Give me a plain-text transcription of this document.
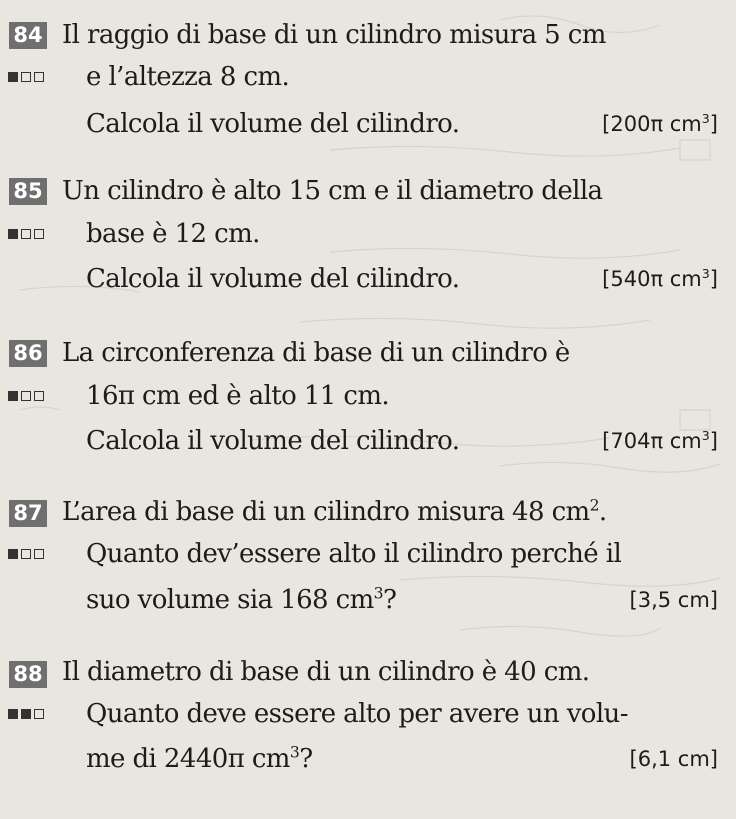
84 Il raggio di base di un cilindro misura 5 cm
e l’altezza 8 cm.
Calcola il volume del cilindro.	[200π $cm^3$]
85 Un cilindro è alto 15 cm e il diametro della
base è 12 cm.
Calcola il volume del cilindro.	[540π $cm^3$]
86 La circonferenza di base di un cilindro è
16π cm ed è alto 11 cm.
Calcola il volume del cilindro.	[704π $cm^3$]
87 L’area di base di un cilindro misura 48 $cm^2$.
Quanto dev’essere alto il cilindro perché il
suo volume sia 168 $cm^3$?	[3,5 cm]
88 Il diametro di base di un cilindro è 40 cm.
Quanto deve essere alto per avere un volu-
me di 2440π $cm^3$?	[6,1 cm]
